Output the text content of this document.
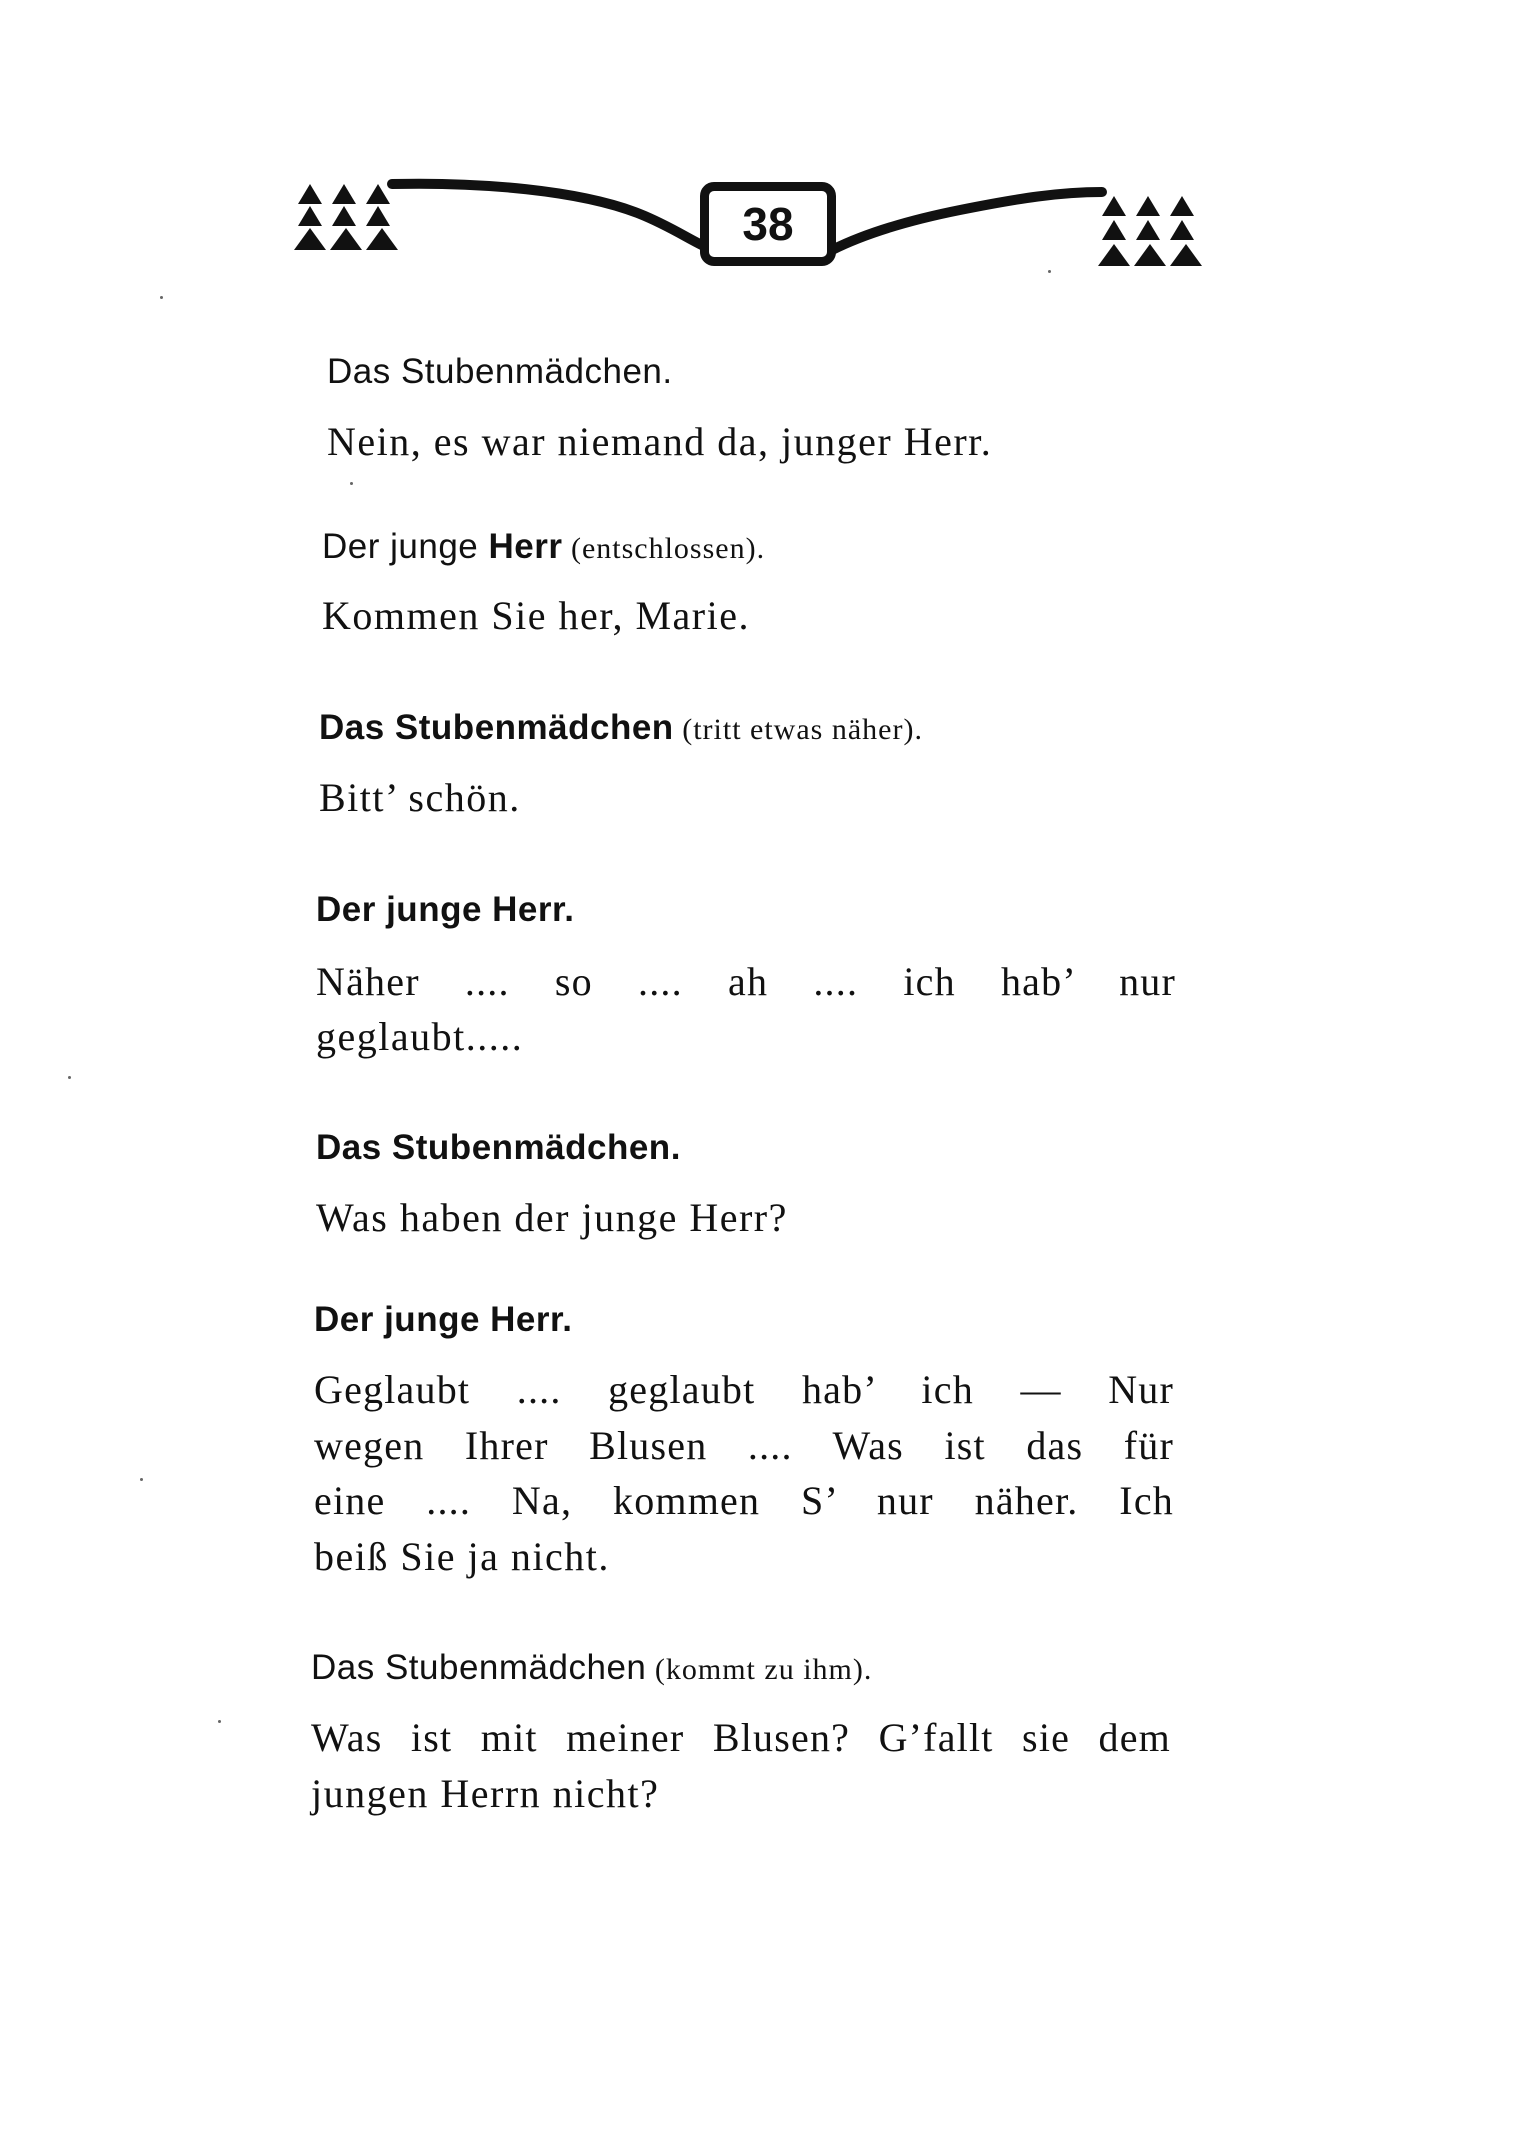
38
Das Stubenmädchen.
Nein, es war niemand da, junger Herr.
Der junge Herr (entschlossen).
Kommen Sie her, Marie.
Das Stubenmädchen (tritt etwas näher).
Bitt’ schön.
Der junge Herr.
Näher .... so .... ah .... ich hab’ nur
geglaubt.....
Das Stubenmädchen.
Was haben der junge Herr?
Der junge Herr.
Geglaubt .... geglaubt hab’ ich — Nur
wegen Ihrer Blusen .... Was ist das für
eine .... Na, kommen S’ nur näher. Ich
beiß Sie ja nicht.
Das Stubenmädchen (kommt zu ihm).
Was ist mit meiner Blusen? G’fallt sie dem
jungen Herrn nicht?
